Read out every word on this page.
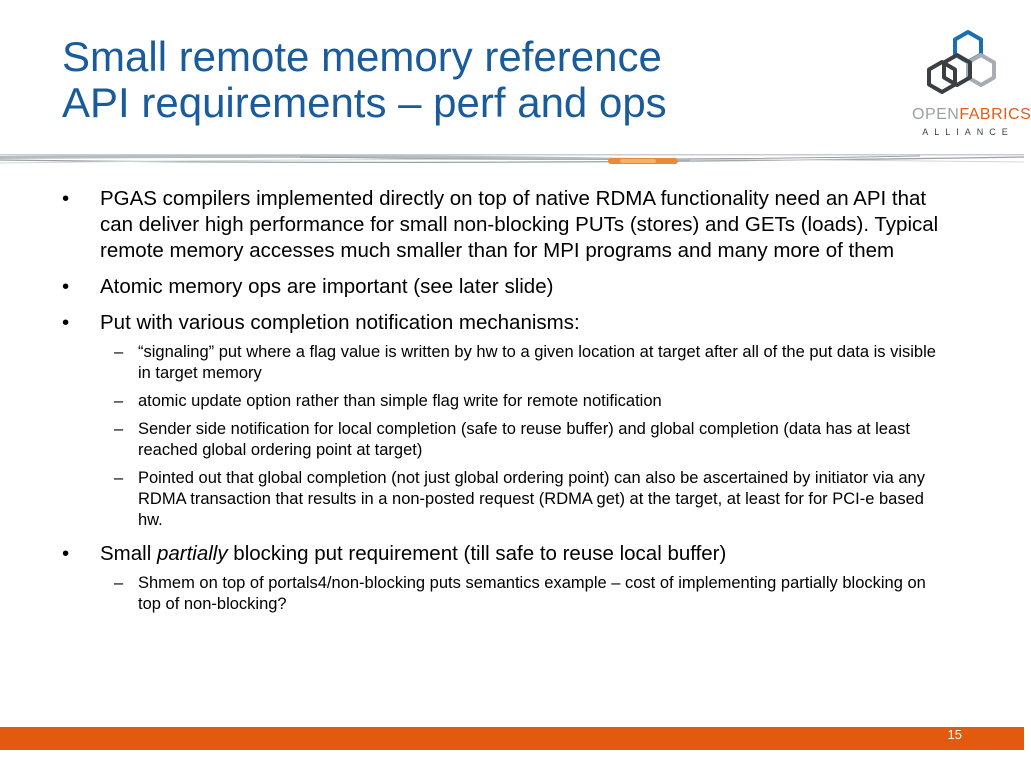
Small remote memory reference
API requirements – perf and ops	OPENFABRICS
ALLIANCE
• PGAS compilers implemented directly on top of native RDMA functionality need an API that can deliver high performance for small non-blocking PUTs (stores) and GETs (loads). Typical remote memory accesses much smaller than for MPI programs and many more of them
• Atomic memory ops are important (see later slide)
• Put with various completion notification mechanisms:
– “signaling” put where a flag value is written by hw to a given location at target after all of the put data is visible in target memory
– atomic update option rather than simple flag write for remote notification
– Sender side notification for local completion (safe to reuse buffer) and global completion (data has at least reached global ordering point at target)
– Pointed out that global completion (not just global ordering point) can also be ascertained by initiator via any RDMA transaction that results in a non-posted request (RDMA get) at the target, at least for for PCI-e based hw.
• Small partially blocking put requirement (till safe to reuse local buffer)
– Shmem on top of portals4/non-blocking puts semantics example – cost of implementing partially blocking on top of non-blocking?
15
